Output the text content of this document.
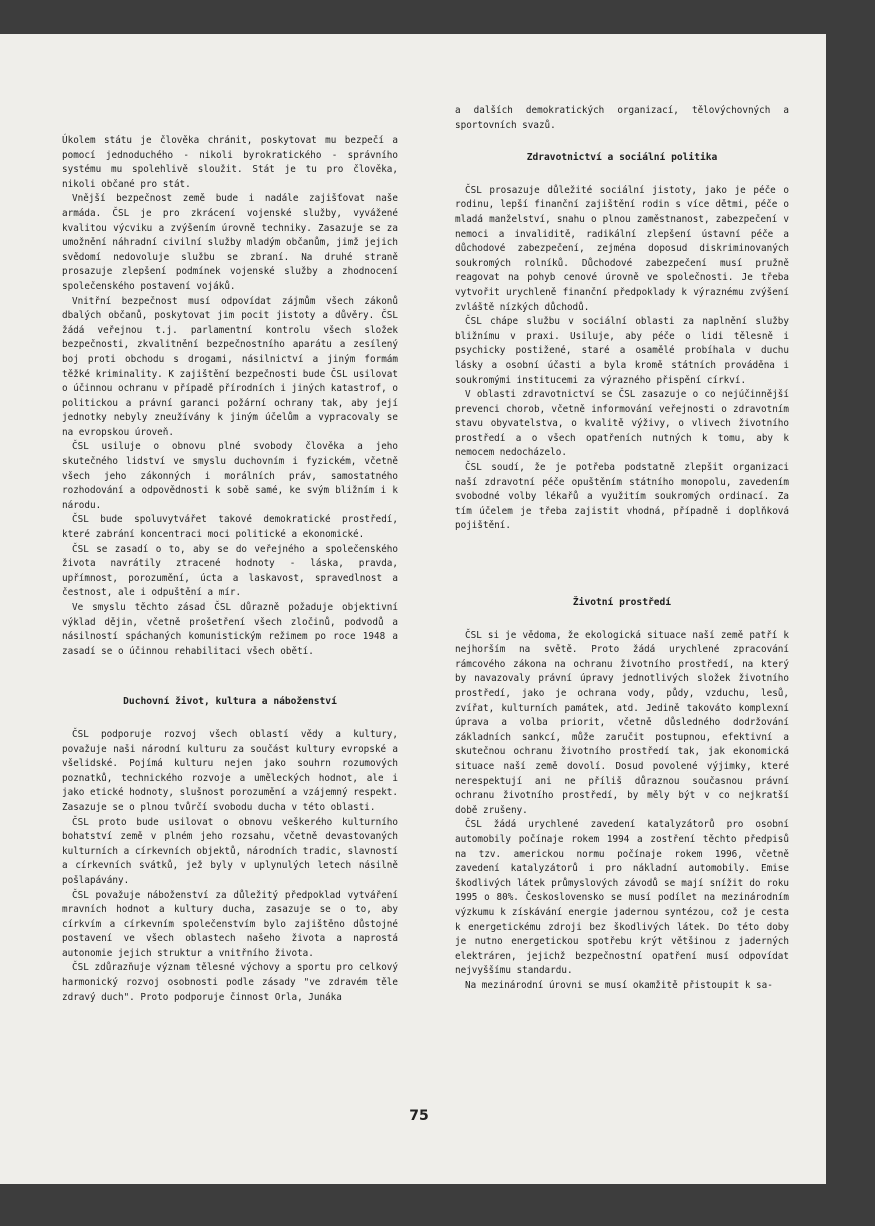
Úkolem státu je člověka chránit, poskytovat mu bezpečí a pomocí jednoduchého - nikoli byrokratického - správního systému mu spolehlivě sloužit. Stát je tu pro člověka, nikoli občané pro stát.

Vnější bezpečnost země bude i nadále zajišťovat naše armáda. ČSL je pro zkrácení vojenské služby, vyvážené kvalitou výcviku a zvýšením úrovně techniky. Zasazuje se za umožnění náhradní civilní služby mladým občanům, jimž jejich svědomí nedovoluje službu se zbraní. Na druhé straně prosazuje zlepšení podmínek vojenské služby a zhodnocení společenského postavení vojáků.

Vnitřní bezpečnost musí odpovídat zájmům všech zákonů dbalých občanů, poskytovat jim pocit jistoty a důvěry. ČSL žádá veřejnou t.j. parlamentní kontrolu všech složek bezpečnosti, zkvalitnění bezpečnostního aparátu a zesílený boj proti obchodu s drogami, násilnictví a jiným formám těžké kriminality. K zajištění bezpečnosti bude ČSL usilovat o účinnou ochranu v případě přírodních i jiných katastrof, o politickou a právní garanci požární ochrany tak, aby její jednotky nebyly zneužívány k jiným účelům a vypracovaly se na evropskou úroveň.

ČSL usiluje o obnovu plné svobody člověka a jeho skutečného lidství ve smyslu duchovním i fyzickém, včetně všech jeho zákonných i morálních práv, samostatného rozhodování a odpovědnosti k sobě samé, ke svým bližním i k národu.

ČSL bude spoluvytvářet takové demokratické prostředí, které zabrání koncentraci moci politické a ekonomické.

ČSL se zasadí o to, aby se do veřejného a společenského života navrátily ztracené hodnoty - láska, pravda, upřímnost, porozumění, úcta a laskavost, spravedlnost a čestnost, ale i odpuštění a mír.

Ve smyslu těchto zásad ČSL důrazně požaduje objektivní výklad dějin, včetně prošetření všech zločinů, podvodů a násilností spáchaných komunistickým režimem po roce 1948 a zasadí se o účinnou rehabilitaci všech obětí.

Duchovní život, kultura a náboženství

ČSL podporuje rozvoj všech oblastí vědy a kultury, považuje naši národní kulturu za součást kultury evropské a všelidské. Pojímá kulturu nejen jako souhrn rozumových poznatků, technického rozvoje a uměleckých hodnot, ale i jako etické hodnoty, slušnost porozumění a vzájemný respekt. Zasazuje se o plnou tvůrčí svobodu ducha v této oblasti.

ČSL proto bude usilovat o obnovu veškerého kulturního bohatství země v plném jeho rozsahu, včetně devastovaných kulturních a církevních objektů, národních tradic, slavností a církevních svátků, jež byly v uplynulých letech násilně pošlapávány.

ČSL považuje náboženství za důležitý předpoklad vytváření mravních hodnot a kultury ducha, zasazuje se o to, aby církvím a církevním společenstvím bylo zajištěno důstojné postavení ve všech oblastech našeho života a naprostá autonomie jejich struktur a vnitřního života.

ČSL zdůrazňuje význam tělesné výchovy a sportu pro celkový harmonický rozvoj osobnosti podle zásady "ve zdravém těle zdravý duch". Proto podporuje činnost Orla, Junáka

a dalších demokratických organizací, tělovýchovných a sportovních svazů.

Zdravotnictví a sociální politika

ČSL prosazuje důležité sociální jistoty, jako je péče o rodinu, lepší finanční zajištění rodin s více dětmi, péče o mladá manželství, snahu o plnou zaměstnanost, zabezpečení v nemoci a invaliditě, radikální zlepšení ústavní péče a důchodové zabezpečení, zejména doposud diskriminovaných soukromých rolníků. Důchodové zabezpečení musí pružně reagovat na pohyb cenové úrovně ve společnosti. Je třeba vytvořit urychleně finanční předpoklady k výraznému zvýšení zvláště nízkých důchodů.

ČSL chápe službu v sociální oblasti za naplnění služby bližnímu v praxi. Usiluje, aby péče o lidi tělesně i psychicky postižené, staré a osamělé probíhala v duchu lásky a osobní účasti a byla kromě státních prováděna i soukromými institucemi za výrazného přispění církví.

V oblasti zdravotnictví se ČSL zasazuje o co nejúčinnější prevenci chorob, včetně informování veřejnosti o zdravotním stavu obyvatelstva, o kvalitě výživy, o vlivech životního prostředí a o všech opatřeních nutných k tomu, aby k nemocem nedocházelo.

ČSL soudí, že je potřeba podstatně zlepšit organizaci naší zdravotní péče opuštěním státního monopolu, zavedením svobodné volby lékařů a využitím soukromých ordinací. Za tím účelem je třeba zajistit vhodná, případně i doplňková pojištění.

Životní prostředí

ČSL si je vědoma, že ekologická situace naší země patří k nejhorším na světě. Proto žádá urychlené zpracování rámcového zákona na ochranu životního prostředí, na který by navazovaly právní úpravy jednotlivých složek životního prostředí, jako je ochrana vody, půdy, vzduchu, lesů, zvířat, kulturních památek, atd. Jedině takováto komplexní úprava a volba priorit, včetně důsledného dodržování základních sankcí, může zaručit postupnou, efektivní a skutečnou ochranu životního prostředí tak, jak ekonomická situace naší země dovolí. Dosud povolené výjimky, které nerespektují ani ne příliš důraznou současnou právní ochranu životního prostředí, by měly být v co nejkratší době zrušeny.

ČSL žádá urychlené zavedení katalyzátorů pro osobní automobily počínaje rokem 1994 a zostření těchto předpisů na tzv. americkou normu počínaje rokem 1996, včetně zavedení katalyzátorů i pro nákladní automobily. Emise škodlivých látek průmyslových závodů se mají snížit do roku 1995 o 80%. Československo se musí podílet na mezinárodním výzkumu k získávání energie jadernou syntézou, což je cesta k energetickému zdroji bez škodlivých látek. Do této doby je nutno energetickou spotřebu krýt většinou z jaderných elektráren, jejichž bezpečnostní opatření musí odpovídat nejvyššímu standardu.

Na mezinárodní úrovni se musí okamžitě přistoupit k sa-

75
